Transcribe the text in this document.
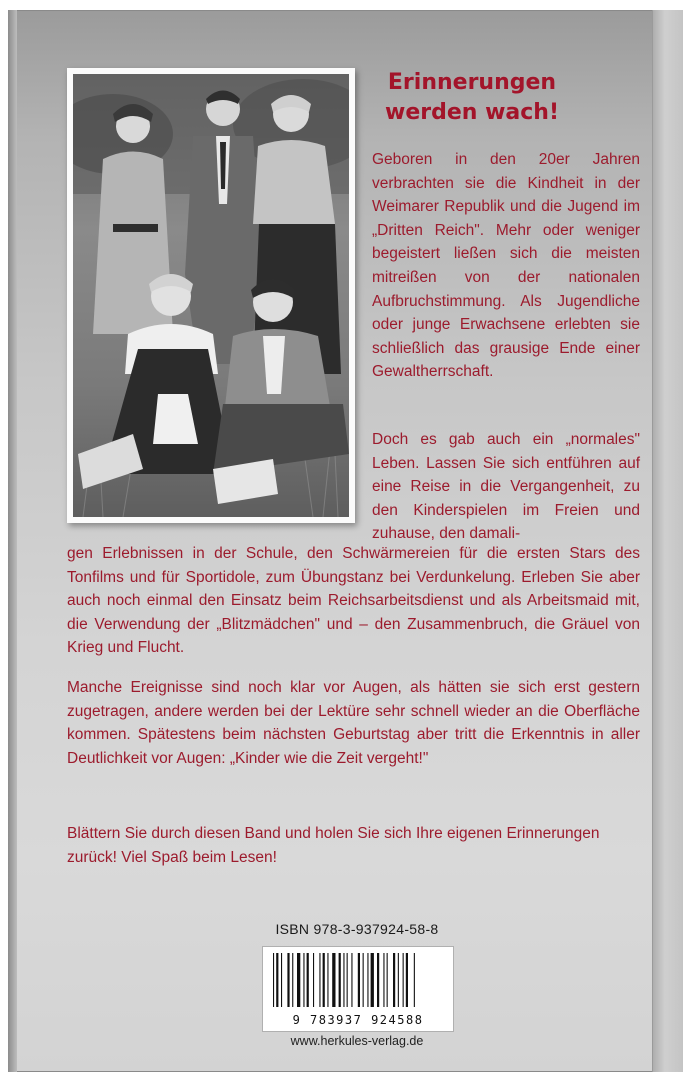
Erinnerungen werden wach!

Geboren in den 20er Jahren verbrachten sie die Kindheit in der Weimarer Republik und die Jugend im „Dritten Reich". Mehr oder weniger begeistert ließen sich die meisten mitreißen von der nationalen Aufbruchstimmung. Als Jugendliche oder junge Erwachsene erlebten sie schließlich das grausige Ende einer Gewaltherrschaft.

Doch es gab auch ein „normales" Leben. Lassen Sie sich entführen auf eine Reise in die Vergangenheit, zu den Kinderspielen im Freien und zuhause, den damali-

gen Erlebnissen in der Schule, den Schwärmereien für die ersten Stars des Tonfilms und für Sportidole, zum Übungstanz bei Verdunkelung. Erleben Sie aber auch noch einmal den Einsatz beim Reichsarbeitsdienst und als Arbeitsmaid mit, die Verwendung der „Blitzmädchen" und – den Zusammenbruch, die Gräuel von Krieg und Flucht.

Manche Ereignisse sind noch klar vor Augen, als hätten sie sich erst gestern zugetragen, andere werden bei der Lektüre sehr schnell wieder an die Oberfläche kommen. Spätestens beim nächsten Geburtstag aber tritt die Erkenntnis in aller Deutlichkeit vor Augen: „Kinder wie die Zeit vergeht!"

Blättern Sie durch diesen Band und holen Sie sich Ihre eigenen Erinnerungen zurück! Viel Spaß beim Lesen!

ISBN 978-3-937924-58-8
9 783937 924588
www.herkules-verlag.de
